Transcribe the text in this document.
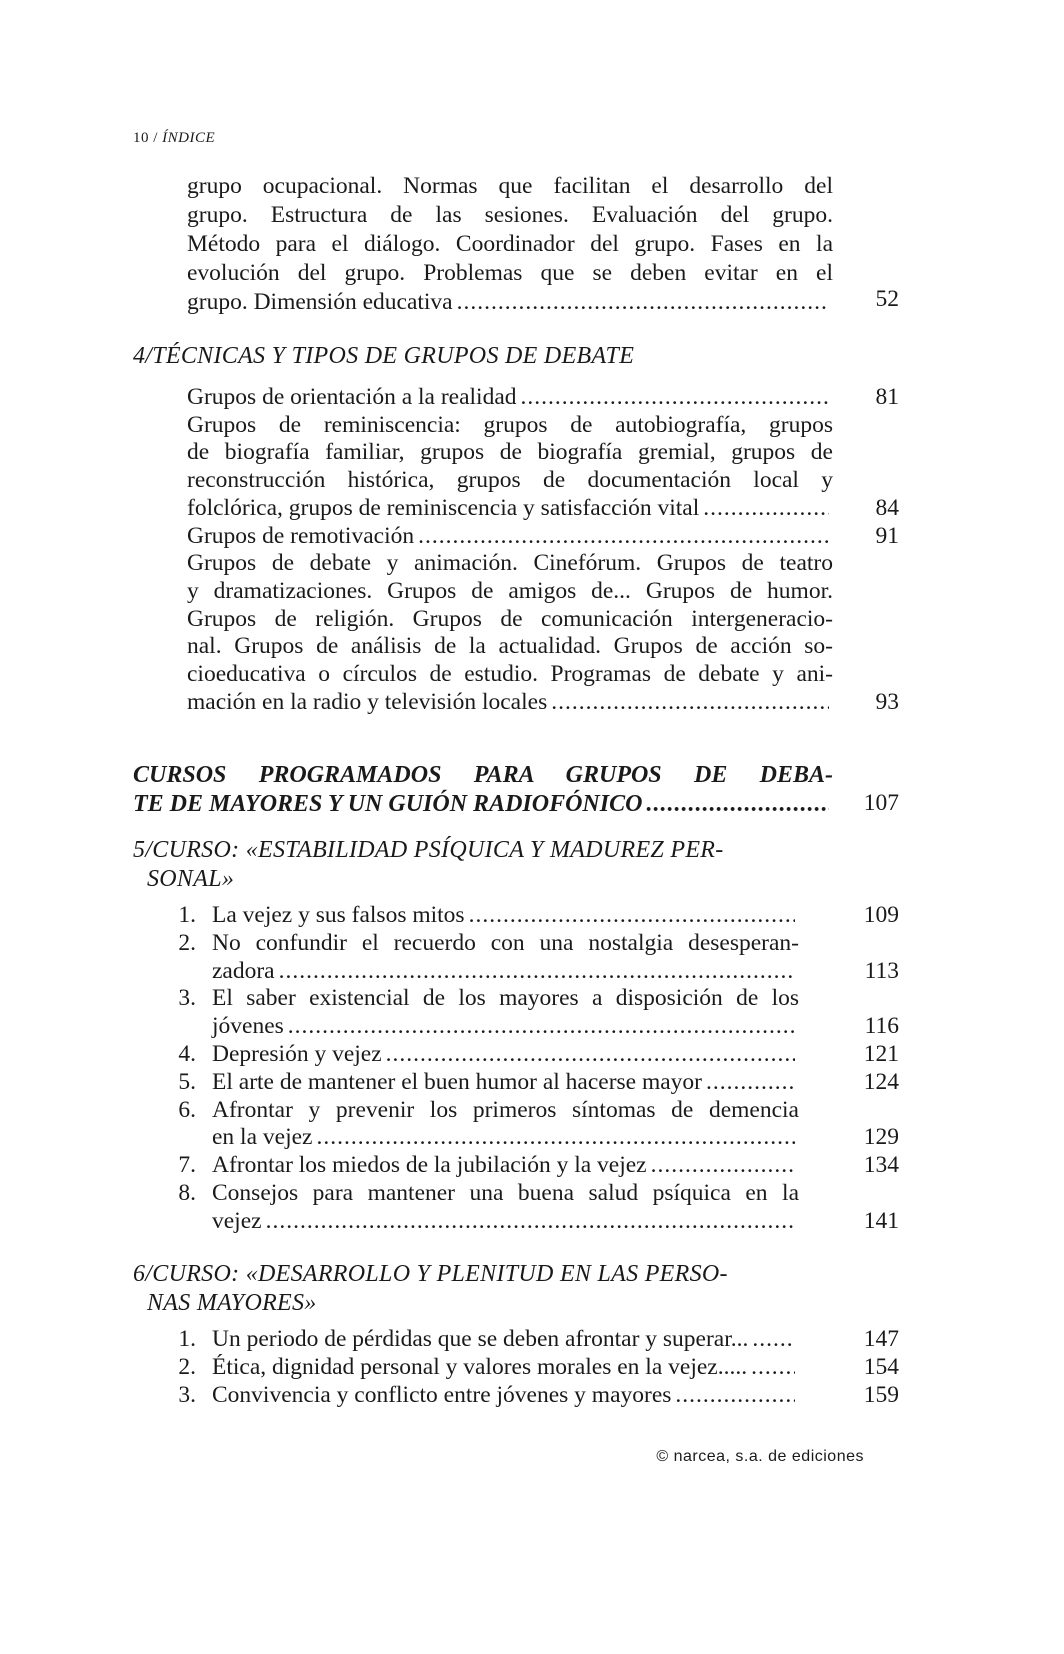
10 / ÍNDICE
grupo ocupacional. Normas que facilitan el desarrollo del
grupo. Estructura de las sesiones. Evaluación del grupo.
Método para el diálogo. Coordinador del grupo. Fases en la
evolución del grupo. Problemas que se deben evitar en el
grupo. Dimensión educativa .....	52
4/TÉCNICAS Y TIPOS DE GRUPOS DE DEBATE
Grupos de orientación a la realidad .....	81
Grupos de reminiscencia: grupos de autobiografía, grupos
de biografía familiar, grupos de biografía gremial, grupos de
reconstrucción histórica, grupos de documentación local y
folclórica, grupos de reminiscencia y satisfacción vital .....	84
Grupos de remotivación .....	91
Grupos de debate y animación. Cinefórum. Grupos de teatro
y dramatizaciones. Grupos de amigos de... Grupos de humor.
Grupos de religión. Grupos de comunicación intergeneracio-
nal. Grupos de análisis de la actualidad. Grupos de acción so-
cioeducativa o círculos de estudio. Programas de debate y ani-
mación en la radio y televisión locales .....	93
CURSOS PROGRAMADOS PARA GRUPOS DE DEBA-
TE DE MAYORES Y UN GUIÓN RADIOFÓNICO .....	107
5/CURSO: «ESTABILIDAD PSÍQUICA Y MADUREZ PER-
SONAL»
1. La vejez y sus falsos mitos .....	109
2. No confundir el recuerdo con una nostalgia desesperan-
zadora .....	113
3. El saber existencial de los mayores a disposición de los
jóvenes .....	116
4. Depresión y vejez .....	121
5. El arte de mantener el buen humor al hacerse mayor .....	124
6. Afrontar y prevenir los primeros síntomas de demencia
en la vejez .....	129
7. Afrontar los miedos de la jubilación y la vejez .....	134
8. Consejos para mantener una buena salud psíquica en la
vejez .....	141
6/CURSO: «DESARROLLO Y PLENITUD EN LAS PERSO-
NAS MAYORES»
1. Un periodo de pérdidas que se deben afrontar y superar... .....	147
2. Ética, dignidad personal y valores morales en la vejez..... .....	154
3. Convivencia y conflicto entre jóvenes y mayores .....	159
© narcea, s.a. de ediciones
